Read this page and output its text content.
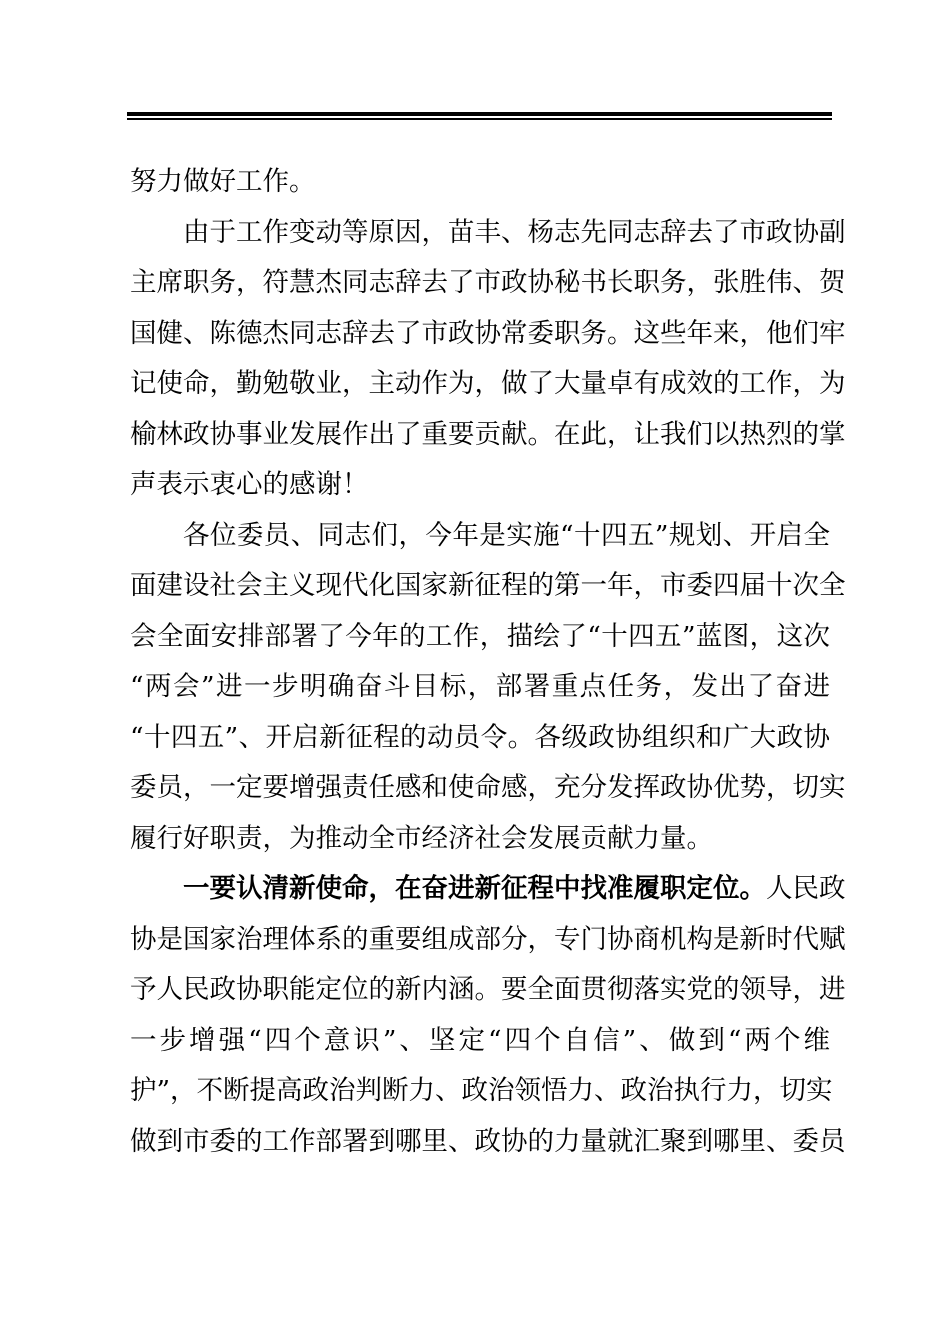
努力做好工作。
由于工作变动等原因，苗丰、杨志先同志辞去了市政协副
主席职务，符慧杰同志辞去了市政协秘书长职务，张胜伟、贺
国健、陈德杰同志辞去了市政协常委职务。这些年来，他们牢
记使命，勤勉敬业，主动作为，做了大量卓有成效的工作，为
榆林政协事业发展作出了重要贡献。在此，让我们以热烈的掌
声表示衷心的感谢！
各位委员、同志们，今年是实施“十四五”规划、开启全
面建设社会主义现代化国家新征程的第一年，市委四届十次全
会全面安排部署了今年的工作，描绘了“十四五”蓝图，这次
“两会”进一步明确奋斗目标，部署重点任务，发出了奋进
“十四五”、开启新征程的动员令。各级政协组织和广大政协
委员，一定要增强责任感和使命感，充分发挥政协优势，切实
履行好职责，为推动全市经济社会发展贡献力量。
一要认清新使命，在奋进新征程中找准履职定位。人民政
协是国家治理体系的重要组成部分，专门协商机构是新时代赋
予人民政协职能定位的新内涵。要全面贯彻落实党的领导，进
一步增强“四个意识”、坚定“四个自信”、做到“两个维
护”，不断提高政治判断力、政治领悟力、政治执行力，切实
做到市委的工作部署到哪里、政协的力量就汇聚到哪里、委员
